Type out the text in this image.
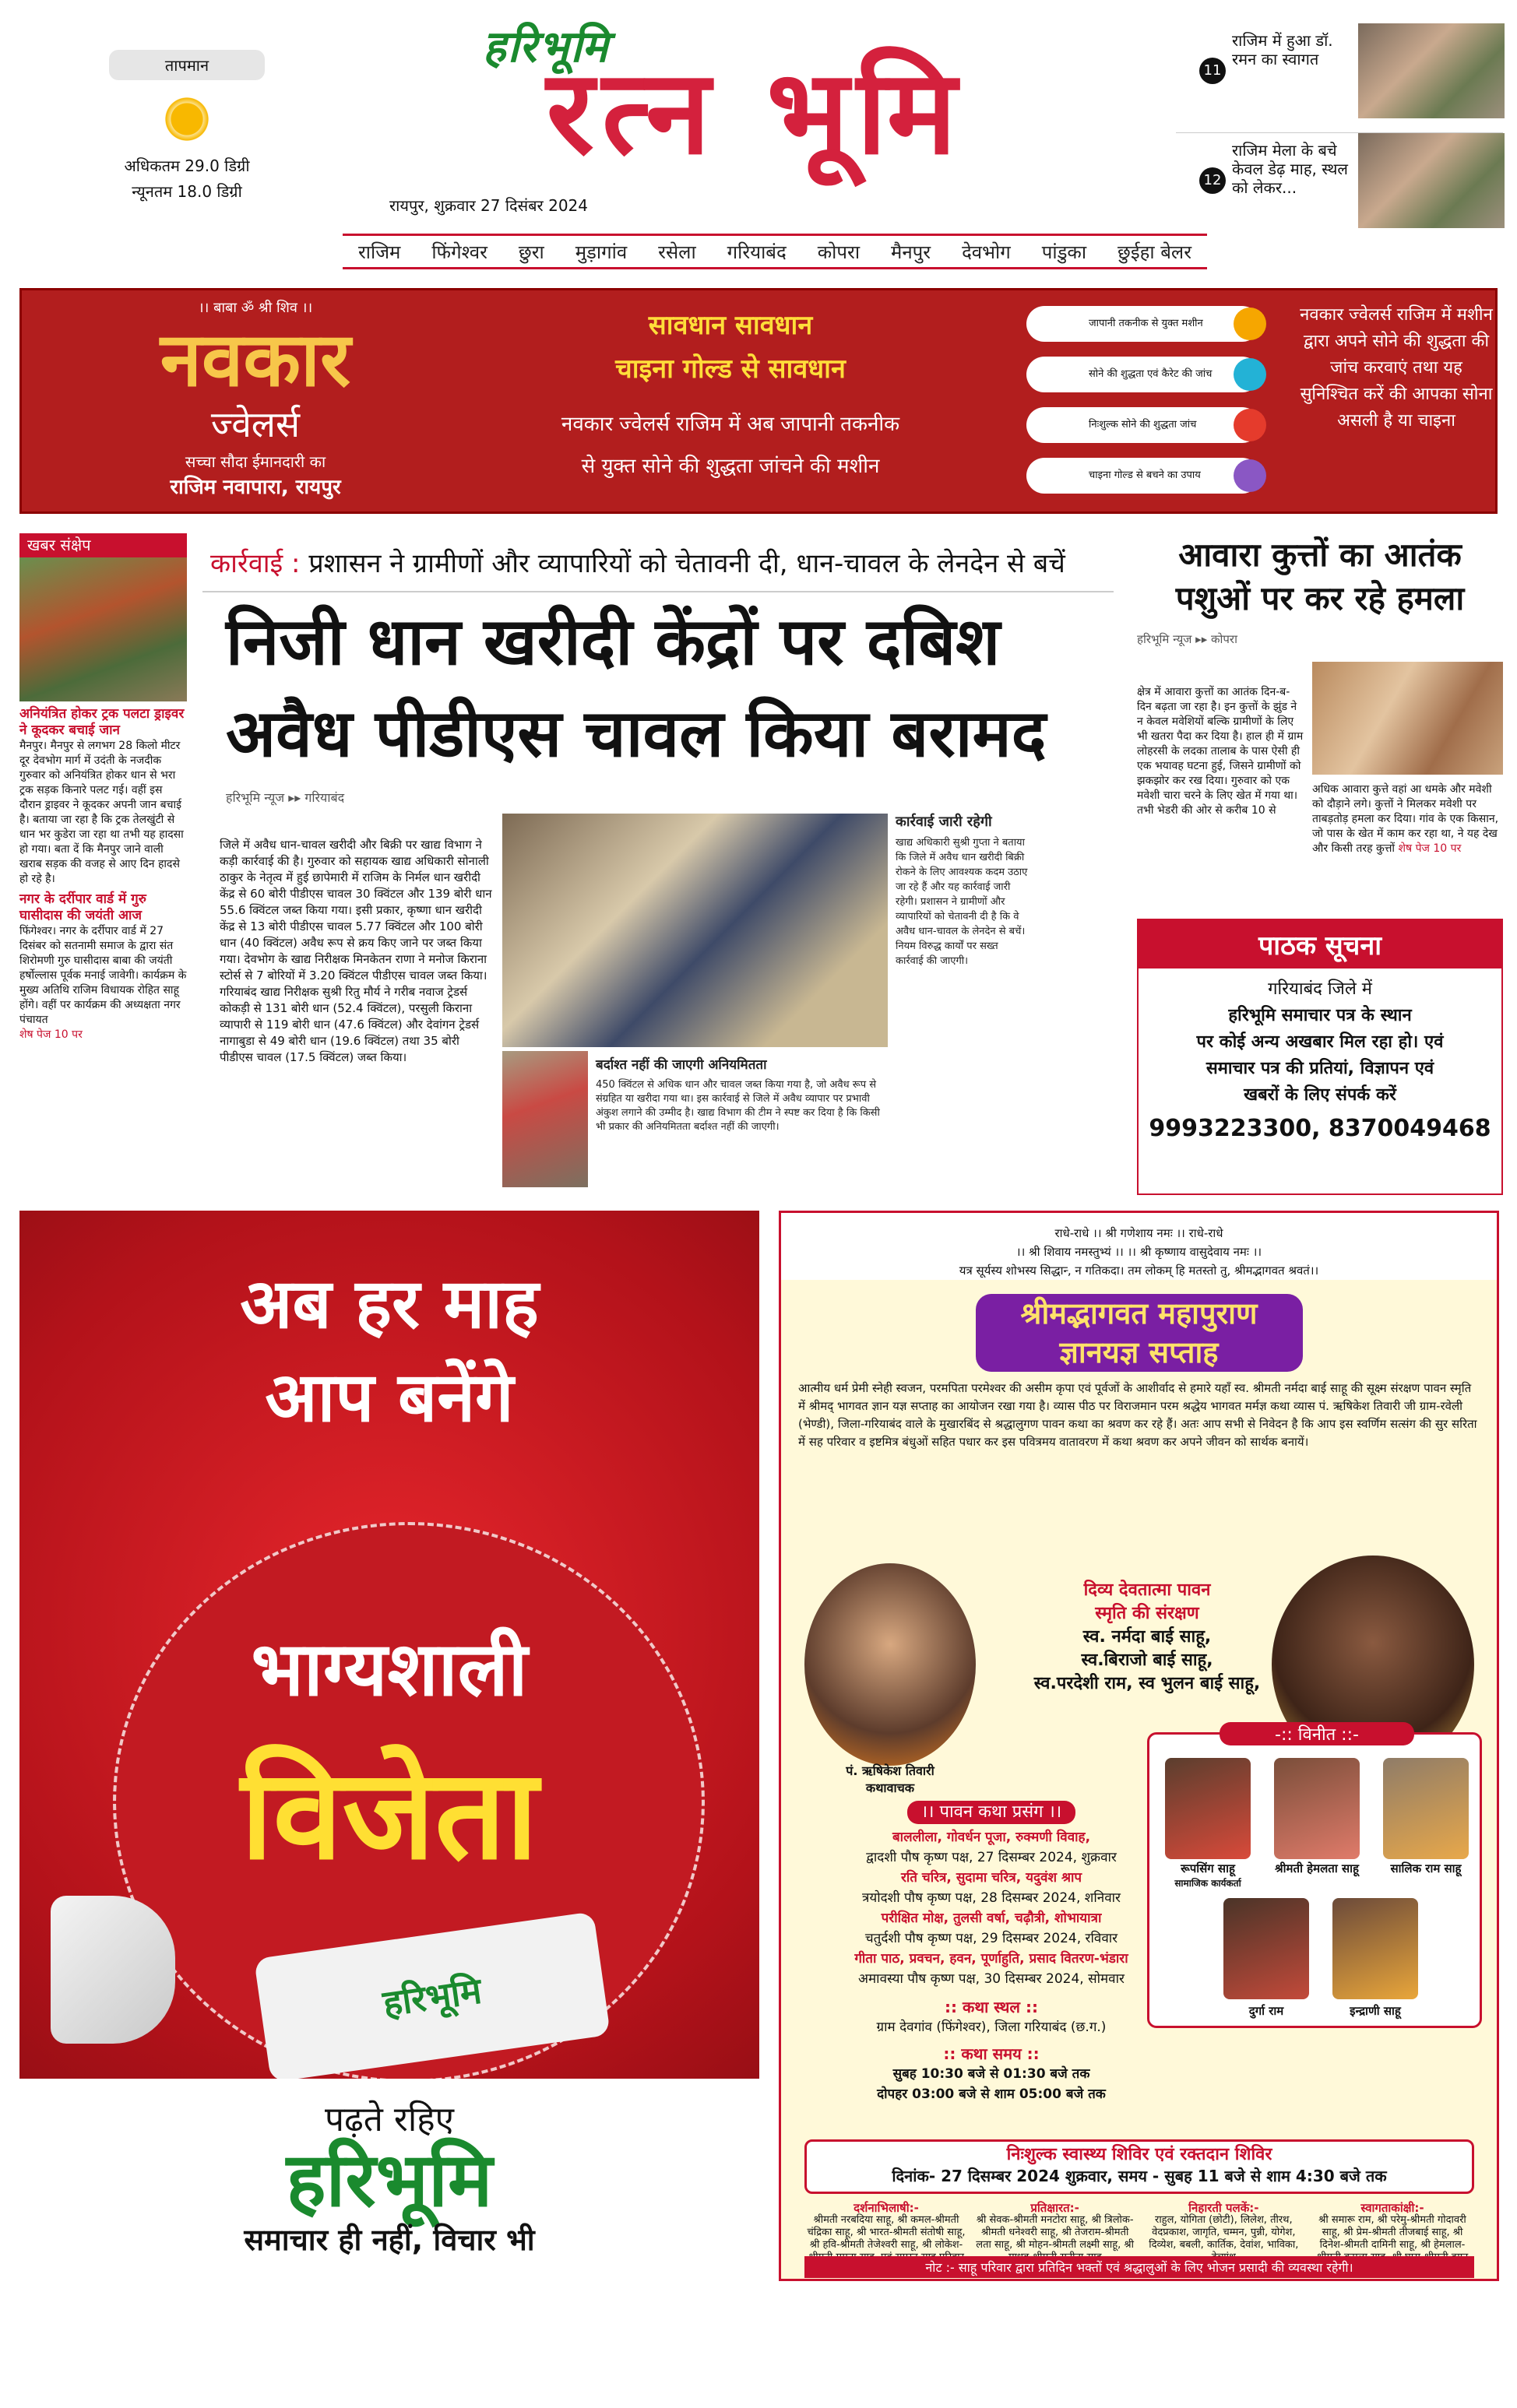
तापमान
अधिकतम 29.0 डिग्री
न्यूनतम 18.0 डिग्री
हरिभूमि
रत्न भूमि
रायपुर, शुक्रवार 27 दिसंबर 2024
11
राजिम में हुआ डॉ. रमन का स्वागत
12
राजिम मेला के बचे केवल डेढ़ माह, स्थल को लेकर...
राजिम फिंगेश्वर छुरा मुड़ागांव रसेला गरियाबंद कोपरा मैनपुर देवभोग पांडुका छुईहा बेलर
।। बाबा ॐ श्री शिव ।।
नवकार
ज्वेलर्स
सच्चा सौदा ईमानदारी का
राजिम नवापारा, रायपुर
सावधान सावधान
चाइना गोल्ड से सावधान
नवकार ज्वेलर्स राजिम में अब जापानी तकनीक
से युक्त सोने की शुद्धता जांचने की मशीन
जापानी तकनीक से युक्त मशीन
सोने की शुद्धता एवं कैरेट की जांच
निःशुल्क सोने की शुद्धता जांच
चाइना गोल्ड से बचने का उपाय
नवकार ज्वेलर्स राजिम में मशीन द्वारा अपने सोने की शुद्धता की जांच करवाएं तथा यह सुनिश्चित करें की आपका सोना असली है या चाइना
खबर संक्षेप
अनियंत्रित होकर ट्रक पलटा ड्राइवर ने कूदकर बचाई जान

मैनपुर। मैनपुर से लगभग 28 किलो मीटर दूर देवभोग मार्ग में उदंती के नजदीक गुरुवार को अनियंत्रित होकर धान से भरा ट्रक सड़क किनारे पलट गई। वहीं इस दौरान ड्राइवर ने कूदकर अपनी जान बचाई है। बताया जा रहा है कि ट्रक तेलखुंटी से धान भर कुडेरा जा रहा था तभी यह हादसा हो गया। बता दें कि मैनपुर जाने वाली खराब सड़क की वजह से आए दिन हादसे हो रहे है।

नगर के दर्रीपार वार्ड में गुरु घासीदास की जयंती आज

फिंगेश्वर। नगर के दर्रीपार वार्ड में 27 दिसंबर को सतनामी समाज के द्वारा संत शिरोमणी गुरु घासीदास बाबा की जयंती हर्षोल्लास पूर्वक मनाई जावेगी। कार्यक्रम के मुख्य अतिथि राजिम विधायक रोहित साहू होंगे। वहीं पर कार्यक्रम की अध्यक्षता नगर पंचायत

शेष पेज 10 पर
कार्रवाई : प्रशासन ने ग्रामीणों और व्यापारियों को चेतावनी दी, धान-चावल के लेनदेन से बचें
निजी धान खरीदी केंद्रों पर दबिश
अवैध पीडीएस चावल किया बरामद
हरिभूमि न्यूज ▸▸ गरियाबंद
जिले में अवैध धान-चावल खरीदी और बिक्री पर खाद्य विभाग ने कड़ी कार्रवाई की है। गुरुवार को सहायक खाद्य अधिकारी सोनाली ठाकुर के नेतृत्व में हुई छापेमारी में राजिम के निर्मल धान खरीदी केंद्र से 60 बोरी पीडीएस चावल 30 क्विंटल और 139 बोरी धान 55.6 क्विंटल जब्त किया गया। इसी प्रकार, कृष्णा धान खरीदी केंद्र से 13 बोरी पीडीएस चावल 5.77 क्विंटल और 100 बोरी धान (40 क्विंटल) अवैध रूप से क्रय किए जाने पर जब्त किया गया। देवभोग के खाद्य निरीक्षक मिनकेतन राणा ने मनोज किराना स्टोर्स से 7 बोरियों में 3.20 क्विंटल पीडीएस चावल जब्त किया। गरियाबंद खाद्य निरीक्षक सुश्री रितु मौर्य ने गरीब नवाज ट्रेडर्स कोकड़ी से 131 बोरी धान (52.4 क्विंटल), परसुली किराना व्यापारी से 119 बोरी धान (47.6 क्विंटल) और देवांगन ट्रेडर्स नागाबुडा से 49 बोरी धान (19.6 क्विंटल) तथा 35 बोरी पीडीएस चावल (17.5 क्विंटल) जब्त किया।	बर्दाश्त नहीं की जाएगी अनियमितता
450 क्विंटल से अधिक धान और चावल जब्त किया गया है, जो अवैध रूप से संग्रहित या खरीदा गया था। इस कार्रवाई से जिले में अवैध व्यापार पर प्रभावी अंकुश लगाने की उम्मीद है। खाद्य विभाग की टीम ने स्पष्ट कर दिया है कि किसी भी प्रकार की अनियमितता बर्दाश्त नहीं की जाएगी।
कार्रवाई जारी रहेगी
खाद्य अधिकारी सुश्री गुप्ता ने बताया कि जिले में अवैध धान खरीदी बिक्री रोकने के लिए आवश्यक कदम उठाए जा रहे हैं और यह कार्रवाई जारी रहेगी। प्रशासन ने ग्रामीणों और व्यापारियों को चेतावनी दी है कि वे अवैध धान-चावल के लेनदेन से बचें। नियम विरुद्ध कार्यों पर सख्त कार्रवाई की जाएगी।
आवारा कुत्तों का आतंक पशुओं पर कर रहे हमला
हरिभूमि न्यूज ▸▸ कोपरा
क्षेत्र में आवारा कुत्तों का आतंक दिन-ब-दिन बढ़ता जा रहा है। इन कुत्तों के झुंड ने न केवल मवेशियों बल्कि ग्रामीणों के लिए भी खतरा पैदा कर दिया है। हाल ही में ग्राम लोहरसी के लदका तालाब के पास ऐसी ही एक भयावह घटना हुई, जिसने ग्रामीणों को झकझोर कर रख दिया। गुरुवार को एक मवेशी चारा चरने के लिए खेत में गया था। तभी भेडरी की ओर से करीब 10 से
अधिक आवारा कुत्ते वहां आ धमके और मवेशी को दौड़ाने लगे। कुत्तों ने मिलकर मवेशी पर ताबड़तोड़ हमला कर दिया। गांव के एक किसान, जो पास के खेत में काम कर रहा था, ने यह देख और किसी तरह कुत्तों शेष पेज 10 पर
पाठक सूचना
गरियाबंद जिले में
हरिभूमि समाचार पत्र के स्थान
पर कोई अन्य अखबार मिल रहा हो। एवं
समाचार पत्र की प्रतियां, विज्ञापन एवं
खबरों के लिए संपर्क करें
9993223300, 8370049468
अब हर माह
आप बनेंगे
भाग्यशाली
विजेता
हरिभूमि
पढ़ते रहिए
हरिभूमि
समाचार ही नहीं, विचार भी
राधे-राधे ।। श्री गणेशाय नमः ।। राधे-राधे
।। श्री शिवाय नमस्तुभ्यं ।। ।। श्री कृष्णाय वासुदेवाय नमः ।।
यत्र सूर्यस्य शोभस्य सिद्धान्‍, न गतिकदा। तम लोकम् हि मतस्तो तु, श्रीमद्भागवत श्रवतं।।
श्रीमद्भागवत महापुराण
ज्ञानयज्ञ सप्ताह
आत्मीय धर्म प्रेमी स्नेही स्वजन, परमपिता परमेश्वर की असीम कृपा एवं पूर्वजों के आशीर्वाद से हमारे यहाँ स्व. श्रीमती नर्मदा बाई साहू की सूक्ष्म संरक्षण पावन स्मृति में श्रीमद् भागवत ज्ञान यज्ञ सप्ताह का आयोजन रखा गया है। व्यास पीठ पर विराजमान परम श्रद्धेय भागवत मर्मज्ञ कथा व्यास पं. ऋषिकेश तिवारी जी ग्राम-रवेली (भेण्डी), जिला-गरियाबंद वाले के मुखारबिंद से श्रद्धालुगण पावन कथा का श्रवण कर रहे हैं। अतः आप सभी से निवेदन है कि आप इस स्वर्णिम सत्संग की सुर सरिता में सह परिवार व इष्टमित्र बंधुओं सहित पधार कर इस पवित्रमय वातावरण में कथा श्रवण कर अपने जीवन को सार्थक बनायें।
दिव्य देवतात्मा पावन
स्मृति की संरक्षण
स्व. नर्मदा बाई साहू,
स्व.बिराजो बाई साहू,
स्व.परदेशी राम, स्व भुलन बाई साहू,
पं. ऋषिकेश तिवारी
कथावाचक
।। पावन कथा प्रसंग ।।
बाललीला, गोवर्धन पूजा, रुक्मणी विवाह,
द्वादशी पौष कृष्ण पक्ष, 27 दिसम्बर 2024, शुक्रवार
रति चरित्र, सुदामा चरित्र, यदुवंश श्राप
त्रयोदशी पौष कृष्ण पक्ष, 28 दिसम्बर 2024, शनिवार
परीक्षित मोक्ष, तुलसी वर्षा, चढ़ौत्री, शोभायात्रा
चतुर्दशी पौष कृष्ण पक्ष, 29 दिसम्बर 2024, रविवार
गीता पाठ, प्रवचन, हवन, पूर्णाहुति, प्रसाद वितरण-भंडारा
अमावस्या पौष कृष्ण पक्ष, 30 दिसम्बर 2024, सोमवार
:: कथा स्थल ::
ग्राम देवगांव (फिंगेश्वर), जिला गरियाबंद (छ.ग.)
:: कथा समय ::
सुबह 10:30 बजे से 01:30 बजे तक
दोपहर 03:00 बजे से शाम 05:00 बजे तक
-:: विनीत ::-
रूपसिंग साहू
सामाजिक कार्यकर्ता
श्रीमती हेमलता साहू	सालिक राम साहू
दुर्गा राम	इन्द्राणी साहू
निःशुल्क स्वास्थ्य शिविर एवं रक्तदान शिविर
दिनांक- 27 दिसम्बर 2024 शुक्रवार, समय - सुबह 11 बजे से शाम 4:30 बजे तक
दर्शनाभिलाषी:-
श्रीमती नरबदिया साहू, श्री कमल-श्रीमती चंद्रिका साहू, श्री भारत-श्रीमती संतोषी साहू, श्री हवि-श्रीमती तेजेश्वरी साहू, श्री लोकेश-
प्रतिक्षारत:-
श्री सेवक-श्रीमती मनटोरा साहू, श्री त्रिलोक-श्रीमती धनेश्वरी साहू, श्री तेजराम-श्रीमती लता साहू, श्री मोहन-श्रीमती लक्ष्मी साहू, श्री
निहारती पलकें:-
राहुल, योगिता (छोटी), लिलेश, तीरथ, वेदप्रकाश, जागृति, चम्मन, पुन्नी, योगेश, दिव्येश, बबली, कार्तिक, देवांश, भाविका,
स्वागताकांक्षी:-
श्री समारू राम, श्री परेमु-श्रीमती गोदावरी साहू, श्री प्रेम-श्रीमती तीजबाई साहू, श्री दिनेश-श्रीमती दामिनी साहू, श्री हेमलाल-
नोट :- साहू परिवार द्वारा प्रतिदिन भक्तों एवं श्रद्धालुओं के लिए भोजन प्रसादी की व्यवस्था रहेगी।
